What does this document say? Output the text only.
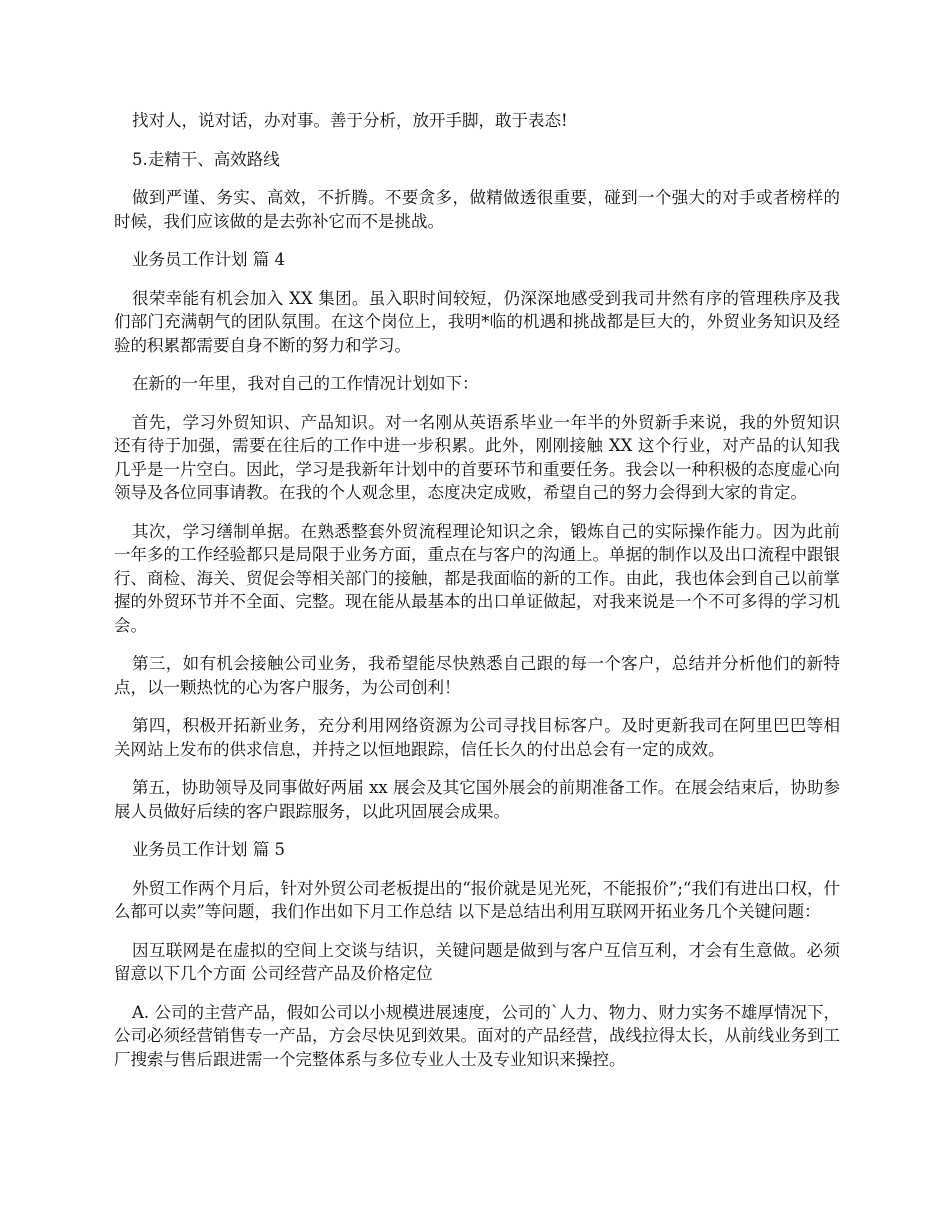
找对人，说对话，办对事。善于分析，放开手脚，敢于表态!

5.走精干、高效路线

做到严谨、务实、高效，不折腾。不要贪多，做精做透很重要，碰到一个强大的对手或者榜样的时候，我们应该做的是去弥补它而不是挑战。

业务员工作计划 篇 4

很荣幸能有机会加入 XX 集团。虽入职时间较短，仍深深地感受到我司井然有序的管理秩序及我们部门充满朝气的团队氛围。在这个岗位上，我明*临的机遇和挑战都是巨大的，外贸业务知识及经验的积累都需要自身不断的努力和学习。

在新的一年里，我对自己的工作情况计划如下：

首先，学习外贸知识、产品知识。对一名刚从英语系毕业一年半的外贸新手来说，我的外贸知识还有待于加强，需要在往后的工作中进一步积累。此外，刚刚接触 XX 这个行业，对产品的认知我几乎是一片空白。因此，学习是我新年计划中的首要环节和重要任务。我会以一种积极的态度虚心向领导及各位同事请教。在我的个人观念里，态度决定成败，希望自己的努力会得到大家的肯定。

其次，学习缮制单据。在熟悉整套外贸流程理论知识之余，锻炼自己的实际操作能力。因为此前一年多的工作经验都只是局限于业务方面，重点在与客户的沟通上。单据的制作以及出口流程中跟银行、商检、海关、贸促会等相关部门的接触，都是我面临的新的工作。由此，我也体会到自己以前掌握的外贸环节并不全面、完整。现在能从最基本的出口单证做起，对我来说是一个不可多得的学习机会。

第三，如有机会接触公司业务，我希望能尽快熟悉自己跟的每一个客户，总结并分析他们的新特点，以一颗热忱的心为客户服务，为公司创利！

第四，积极开拓新业务，充分利用网络资源为公司寻找目标客户。及时更新我司在阿里巴巴等相关网站上发布的供求信息，并持之以恒地跟踪，信任长久的付出总会有一定的成效。

第五，协助领导及同事做好两届 xx 展会及其它国外展会的前期准备工作。在展会结束后，协助参展人员做好后续的客户跟踪服务，以此巩固展会成果。

业务员工作计划 篇 5

外贸工作两个月后，针对外贸公司老板提出的“报价就是见光死，不能报价”;“我们有进出口权，什么都可以卖”等问题，我们作出如下月工作总结 以下是总结出利用互联网开拓业务几个关键问题：

因互联网是在虚拟的空间上交谈与结识，关键问题是做到与客户互信互利，才会有生意做。必须留意以下几个方面 公司经营产品及价格定位

A. 公司的主营产品，假如公司以小规模进展速度，公司的`人力、物力、财力实务不雄厚情况下，公司必须经营销售专一产品，方会尽快见到效果。面对的产品经营，战线拉得太长，从前线业务到工厂搜索与售后跟进需一个完整体系与多位专业人士及专业知识来操控。
